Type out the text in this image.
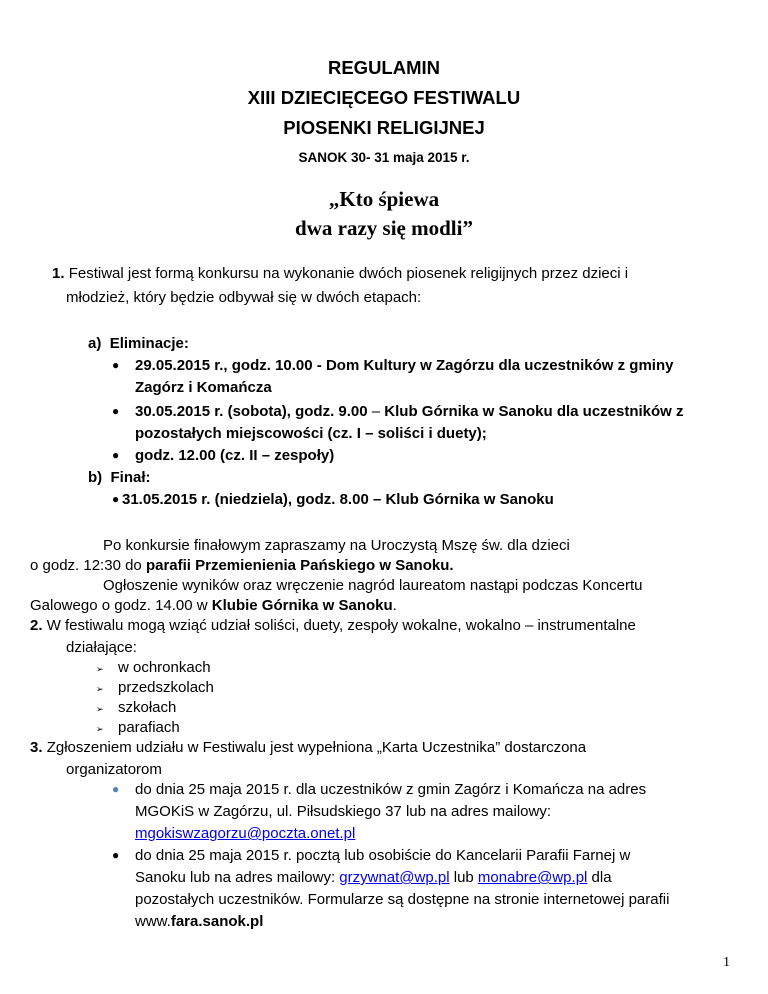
REGULAMIN
XIII DZIECIĘCEGO FESTIWALU
PIOSENKI RELIGIJNEJ
SANOK 30- 31 maja 2015 r.
„Kto śpiewa
dwa razy się modli”
1. Festiwal jest formą konkursu na wykonanie dwóch piosenek religijnych przez dzieci i
młodzież, który będzie odbywał się w dwóch etapach:
a) Eliminacje:
● 29.05.2015 r., godz. 10.00 - Dom Kultury w Zagórzu dla uczestników z gminy
Zagórz i Komańcza
● 30.05.2015 r. (sobota), godz. 9.00 – Klub Górnika w Sanoku dla uczestników z
pozostałych miejscowości (cz. I – soliści i duety);
● godz. 12.00 (cz. II – zespoły)
b) Finał:
● 31.05.2015 r. (niedziela), godz. 8.00 – Klub Górnika w Sanoku
Po konkursie finałowym zapraszamy na Uroczystą Mszę św. dla dzieci
o godz. 12:30 do parafii Przemienienia Pańskiego w Sanoku.
Ogłoszenie wyników oraz wręczenie nagród laureatom nastąpi podczas Koncertu
Galowego o godz. 14.00 w Klubie Górnika w Sanoku.
2. W festiwalu mogą wziąć udział soliści, duety, zespoły wokalne, wokalno – instrumentalne
działające:
➢ w ochronkach
➢ przedszkolach
➢ szkołach
➢ parafiach
3. Zgłoszeniem udziału w Festiwalu jest wypełniona „Karta Uczestnika” dostarczona
organizatorom
● do dnia 25 maja 2015 r. dla uczestników z gmin Zagórz i Komańcza na adres
MGOKiS w Zagórzu, ul. Piłsudskiego 37 lub na adres mailowy:
mgokiswzagorzu@poczta.onet.pl
● do dnia 25 maja 2015 r. pocztą lub osobiście do Kancelarii Parafii Farnej w
Sanoku lub na adres mailowy: grzywnat@wp.pl lub monabre@wp.pl dla
pozostałych uczestników. Formularze są dostępne na stronie internetowej parafii
www.fara.sanok.pl
1
